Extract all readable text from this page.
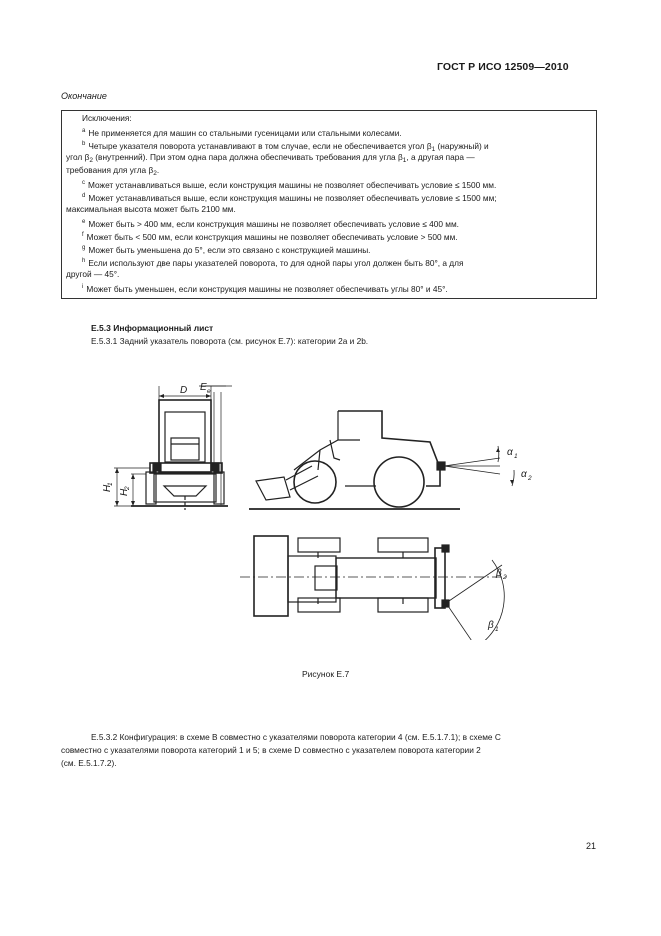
ГОСТ Р ИСО 12509—2010
Окончание
Исключения:
$^a$ Не применяется для машин со стальными гусеницами или стальными колесами.
$^b$ Четыре указателя поворота устанавливают в том случае, если не обеспечивается угол $\beta_1$ (наружный) и
угол $\beta_2$ (внутренний). При этом одна пара должна обеспечивать требования для угла $\beta_1$, а другая пара —
требования для угла $\beta_2$.
$^c$ Может устанавливаться выше, если конструкция машины не позволяет обеспечивать условие ≤ 1500 мм.
$^d$ Может устанавливаться выше, если конструкция машины не позволяет обеспечивать условие ≤ 1500 мм;
максимальная высота может быть 2100 мм.
$^e$ Может быть > 400 мм, если конструкция машины не позволяет обеспечивать условие ≤ 400 мм.
$^f$ Может быть < 500 мм, если конструкция машины не позволяет обеспечивать условие > 500 мм.
$^g$ Может быть уменьшена до 5°, если это связано с конструкцией машины.
$^h$ Если используют две пары указателей поворота, то для одной пары угол должен быть 80°, а для
другой — 45°.
$^i$ Может быть уменьшен, если конструкция машины не позволяет обеспечивать углы 80° и 45°.
Е.5.3 Информационный лист
Е.5.3.1 Задний указатель поворота (см. рисунок Е.7): категории 2а и 2b.
D E e
H
1
H
2
α 1
α 2
β 2
β 1
Рисунок Е.7
Е.5.3.2 Конфигурация: в схеме В совместно с указателями поворота категории 4 (см. Е.5.1.7.1); в схеме С
совместно с указателями поворота категорий 1 и 5; в схеме D совместно с указателем поворота категории 2
(см. Е.5.1.7.2).
21
